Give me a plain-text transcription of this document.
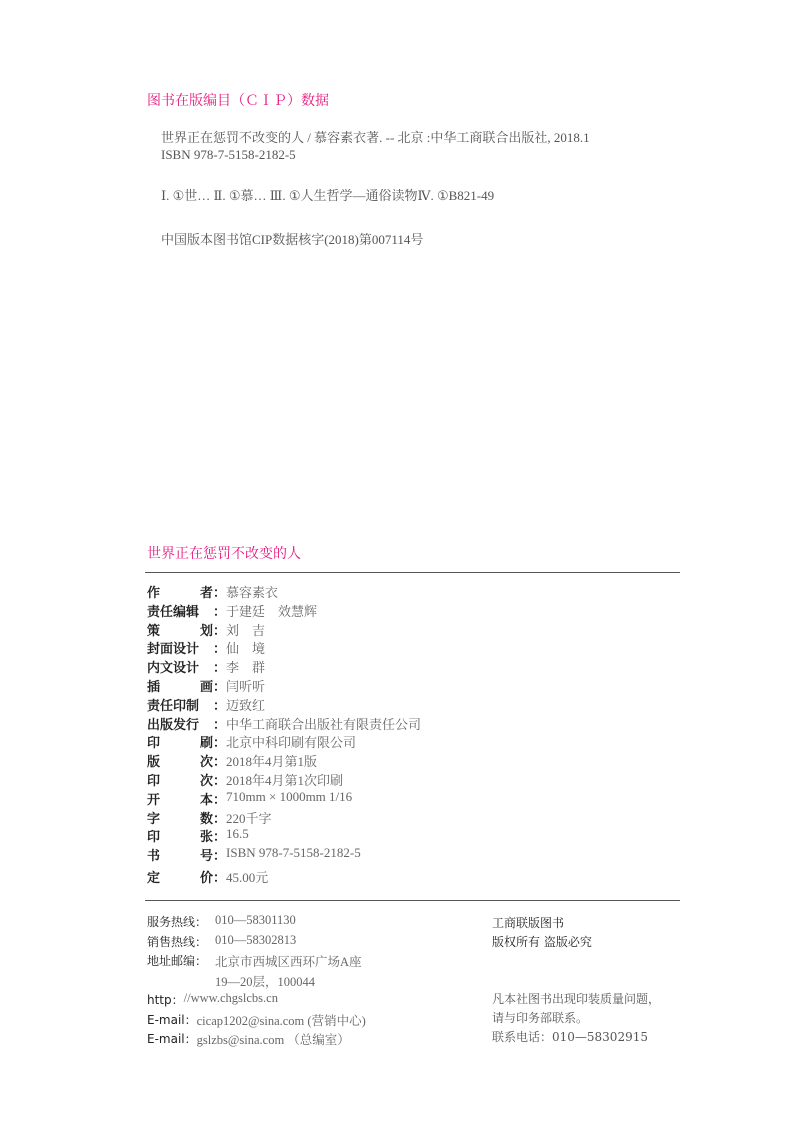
图书在版编目（ＣＩＰ）数据
世界正在惩罚不改变的人 / 慕容素衣著. -- 北京 :中华工商联合出版社, 2018.1
ISBN 978-7-5158-2182-5
Ⅰ. ①世… Ⅱ. ①慕… Ⅲ. ①人生哲学—通俗读物Ⅳ. ①B821-49
中国版本图书馆CIP数据核字(2018)第007114号
世界正在惩罚不改变的人
作	者 ： 慕容素衣
责任编辑 ： 于建廷　效慧辉
策	划 ： 刘　吉
封面设计 ： 仙　境
内文设计 ： 李　群
插	画 ： 闫听听
责任印制 ： 迈致红
出版发行 ： 中华工商联合出版社有限责任公司
印	刷 ： 北京中科印刷有限公司
版	次 ： 2018年4月第1版
印	次 ： 2018年4月第1次印刷
开	本 ： 710mm × 1000mm 1/16
字	数 ： 220千字
印	张 ： 16.5
书	号 ： ISBN 978-7-5158-2182-5
定	价 ： 45.00元
服务热线： 010—58301130
销售热线： 010—58302813
地址邮编： 北京市西城区西环广场A座
19—20层，100044
http： //www.chgslcbs.cn
E-mail： cicap1202@sina.com (营销中心)
E-mail： gslzbs@sina.com （总编室）
工商联版图书
版权所有 盗版必究
凡本社图书出现印装质量问题，
请与印务部联系。
联系电话：010—58302915
